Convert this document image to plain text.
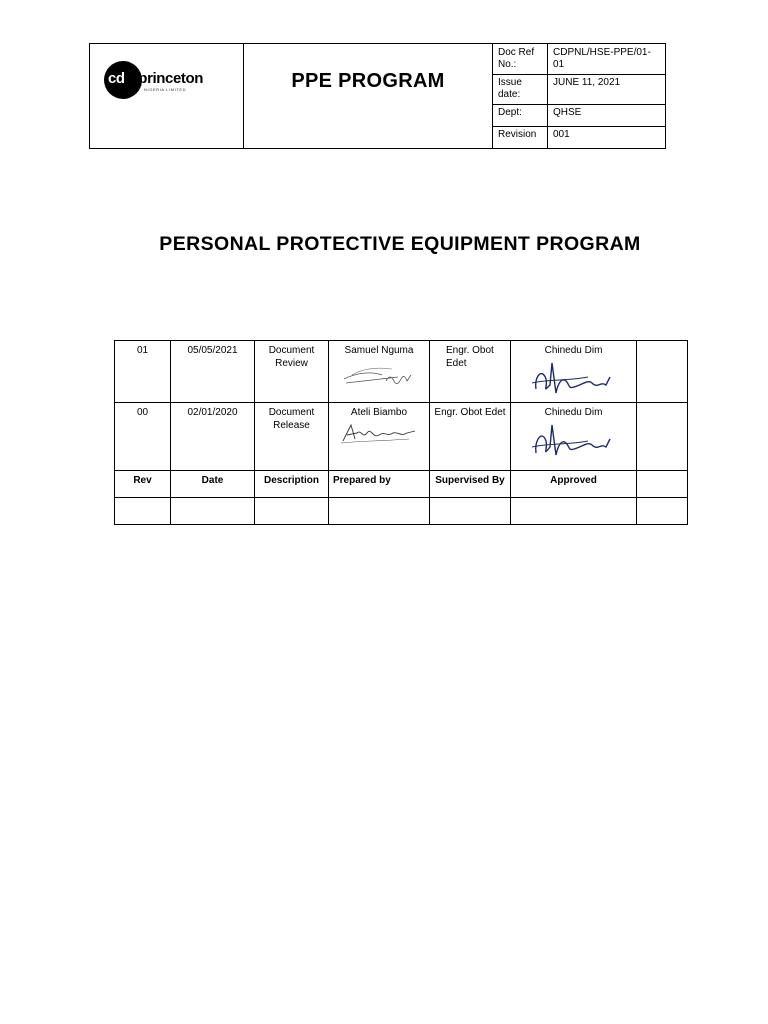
cd princeton
NIGERIA LIMITED	PPE PROGRAM
Doc Ref No.:
CDPNL/HSE-PPE/01-01
Issue date:
JUNE 11, 2021
Dept:	QHSE
Revision	001
PERSONAL PROTECTIVE EQUIPMENT PROGRAM
01	05/05/2021	Document Review	Samuel Nguma	Engr. Obot Edet	Chinedu Dim

00	02/01/2020	Document Release	Ateli Biambo	Engr. Obot Edet	Chinedu Dim

Rev	Date	Description	Prepared by	Supervised By	Approved	
